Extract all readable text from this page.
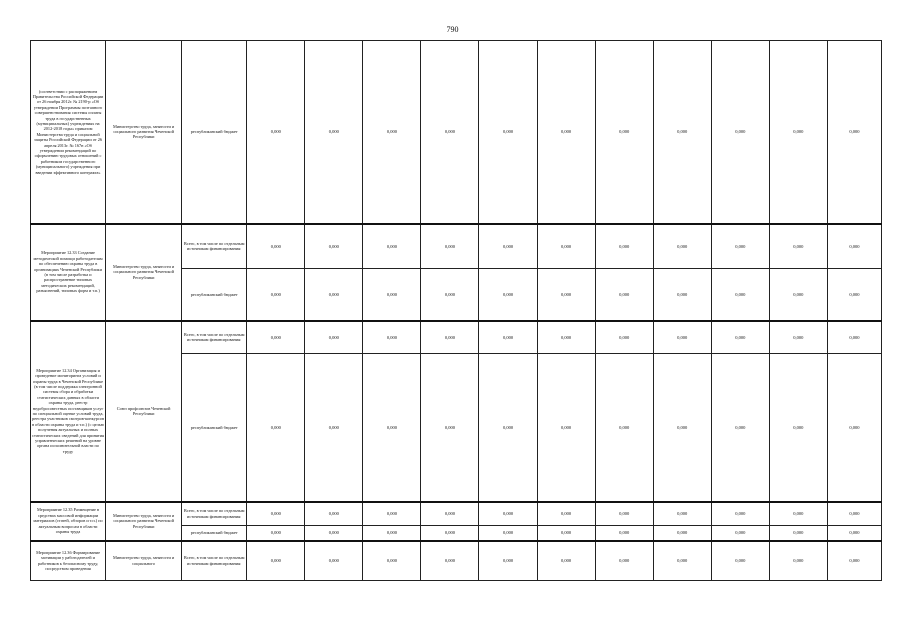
790
(соответствии с распоряжением Правительства Российской Федерации от 26 ноября 2012г. № 2190-р «Об утверждении Программы поэтапного совершенствования системы оплаты труда в государственных (муниципальных) учреждениях на 2012-2018 годы» приказом Министерства труда и социальной защиты Российской Федерации от 26 апреля 2013г. № 167н «Об утверждении рекомендаций по оформлению трудовых отношений с работником государственного (муниципального) учреждения при введении эффективного контракта»	Министерство труда, занятости и социального развития Чеченской Республики	республиканский бюджет	0,000	0,000	0,000	0,000	0,000	0,000	0,000	0,000	0,000	0,000	0,000
Мероприятие 12.33 Создание методической помощи работодателям по обеспечению охраны труда в организациях Чеченской Республики (в том числе разработка и распространение типовых методических рекомендаций, разъяснений, типовых форм и т.п.)	Министерство труда, занятости и социального развития Чеченской Республики	Всего, в том числе по отдельным источникам финансирования:	0,000	0,000	0,000	0,000	0,000	0,000	0,000	0,000	0,000	0,000	0,000
		республиканский бюджет	0,000	0,000	0,000	0,000	0,000	0,000	0,000	0,000	0,000	0,000	0,000
Мероприятие 12.34 Организация и проведение мониторинга условий и охраны труда в Чеченской Республике (в том числе поддержка электронной системы сбора и обработки статистических данных в области охраны труда, реестр недобросовестных поставщиков услуг по специальной оценке условий труда, реестра участников смотров-конкурсов в области охраны труда и т.п.) (с целью получения актуальных и полных статистических сведений для принятия управленческих решений на уровне органа исполнительной власти по труду	Союз профсоюзов Чеченской Республики	Всего, в том числе по отдельным источникам финансирования:	0,000	0,000	0,000	0,000	0,000	0,000	0,000	0,000	0,000	0,000	0,000
		республиканский бюджет	0,000	0,000	0,000	0,000	0,000	0,000	0,000	0,000	0,000	0,000	0,000
Мероприятие 12.35 Размещение в средствах массовой информации материалов (статей, обзоров и т.п.) по актуальным вопросам в области охраны труда	Министерство труда, занятости и социального развития Чеченской Республики	Всего, в том числе по отдельным источникам финансирования:	0,000	0,000	0,000	0,000	0,000	0,000	0,000	0,000	0,000	0,000	0,000
		республиканский бюджет	0,000	0,000	0,000	0,000	0,000	0,000	0,000	0,000	0,000	0,000	0,000
Мероприятие 12.36 Формирование мотивации у работодателей и работников к безопасному труду, посредством проведения	Министерство труда, занятости и социального	Всего, в том числе по отдельным источникам финансирования:	0,000	0,000	0,000	0,000	0,000	0,000	0,000	0,000	0,000	0,000	0,000
